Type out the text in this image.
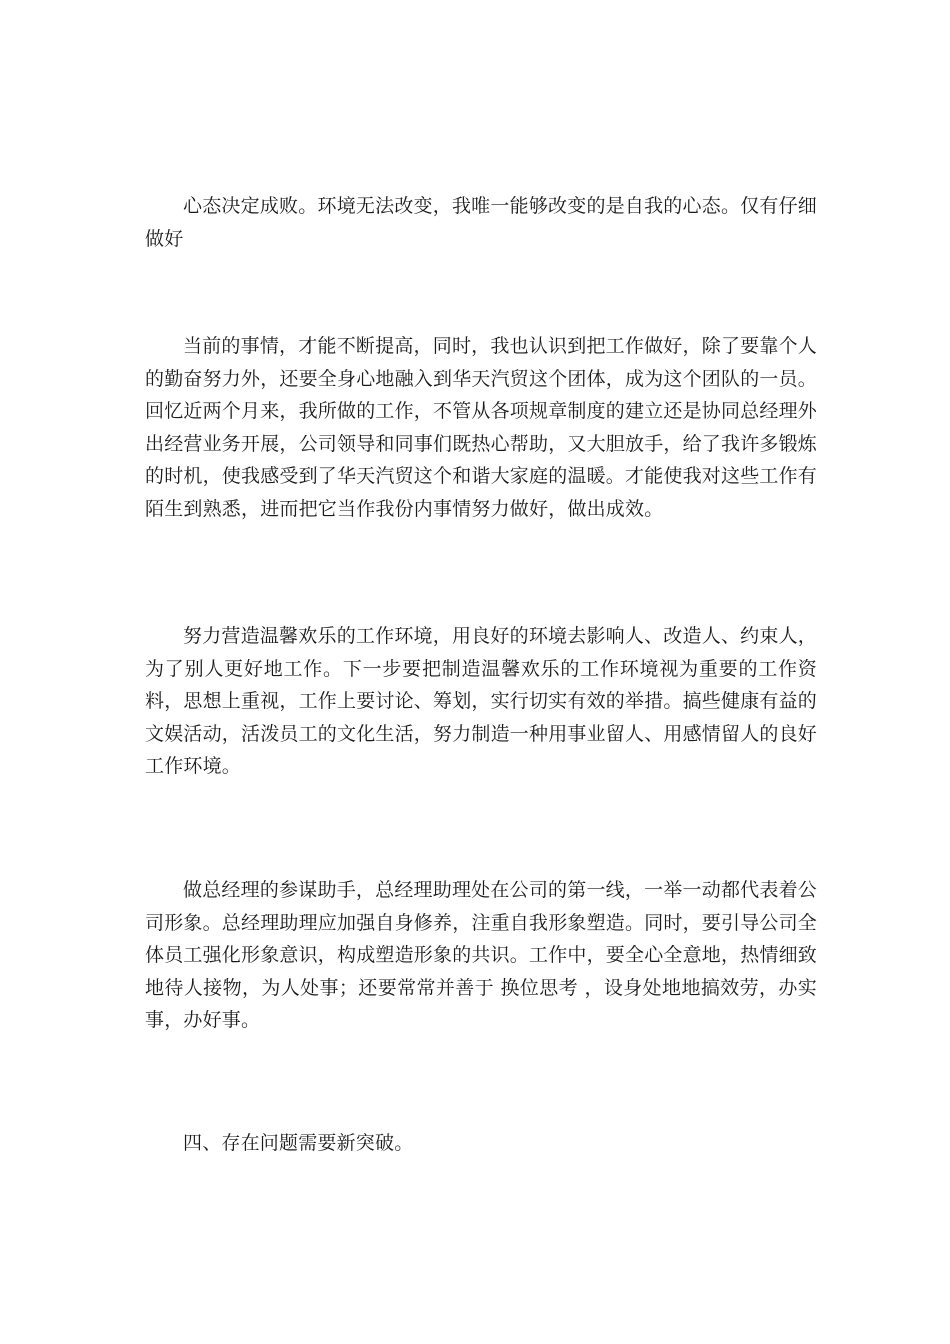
心态决定成败。环境无法改变，我唯一能够改变的是自我的心态。仅有仔细做好

当前的事情，才能不断提高，同时，我也认识到把工作做好，除了要靠个人的勤奋努力外，还要全身心地融入到华天汽贸这个团体，成为这个团队的一员。回忆近两个月来，我所做的工作，不管从各项规章制度的建立还是协同总经理外出经营业务开展，公司领导和同事们既热心帮助，又大胆放手，给了我许多锻炼的时机，使我感受到了华天汽贸这个和谐大家庭的温暖。才能使我对这些工作有陌生到熟悉，进而把它当作我份内事情努力做好，做出成效。

努力营造温馨欢乐的工作环境，用良好的环境去影响人、改造人、约束人，为了别人更好地工作。下一步要把制造温馨欢乐的工作环境视为重要的工作资料，思想上重视，工作上要讨论、筹划，实行切实有效的举措。搞些健康有益的文娱活动，活泼员工的文化生活，努力制造一种用事业留人、用感情留人的良好工作环境。

做总经理的参谋助手，总经理助理处在公司的第一线，一举一动都代表着公司形象。总经理助理应加强自身修养，注重自我形象塑造。同时，要引导公司全体员工强化形象意识，构成塑造形象的共识。工作中，要全心全意地，热情细致地待人接物，为人处事；还要常常并善于 换位思考 ，设身处地地搞效劳，办实事，办好事。

四、存在问题需要新突破。
